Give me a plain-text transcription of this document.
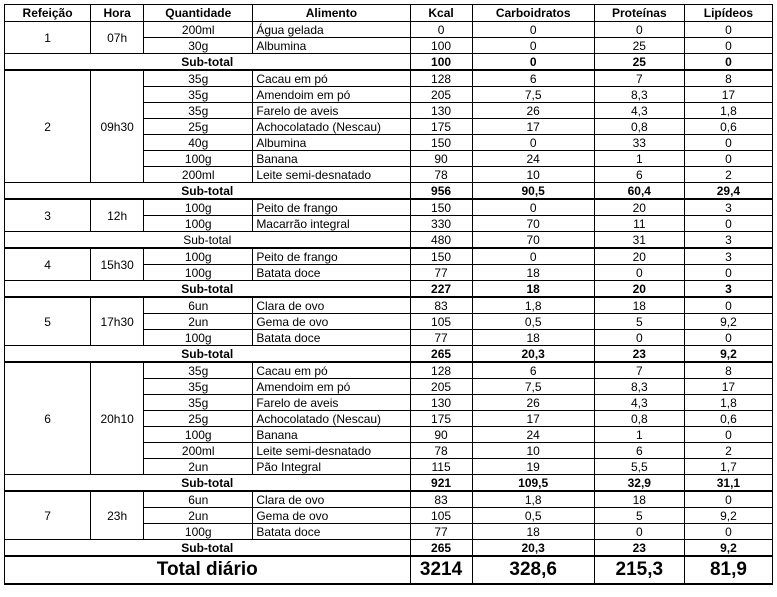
Refeição	Hora	Quantidade	Alimento	Kcal	Carboidratos	Proteínas	Lipídeos
1	07h	200ml	Água gelada	0	0	0	0
		30g	Albumina	100	0	25	0
Sub-total				100	0	25	0
2	09h30	35g	Cacau em pó	128	6	7	8
		35g	Amendoim em pó	205	7,5	8,3	17
		35g	Farelo de aveis	130	26	4,3	1,8
		25g	Achocolatado (Nescau)	175	17	0,8	0,6
		40g	Albumina	150	0	33	0
		100g	Banana	90	24	1	0
		200ml	Leite semi-desnatado	78	10	6	2
Sub-total				956	90,5	60,4	29,4
3	12h	100g	Peito de frango	150	0	20	3
		100g	Macarrão integral	330	70	11	0
Sub-total				480	70	31	3
4	15h30	100g	Peito de frango	150	0	20	3
		100g	Batata doce	77	18	0	0
Sub-total				227	18	20	3
5	17h30	6un	Clara de ovo	83	1,8	18	0
		2un	Gema de ovo	105	0,5	5	9,2
		100g	Batata doce	77	18	0	0
Sub-total				265	20,3	23	9,2
6	20h10	35g	Cacau em pó	128	6	7	8
		35g	Amendoim em pó	205	7,5	8,3	17
		35g	Farelo de aveis	130	26	4,3	1,8
		25g	Achocolatado (Nescau)	175	17	0,8	0,6
		100g	Banana	90	24	1	0
		200ml	Leite semi-desnatado	78	10	6	2
		2un	Pão Integral	115	19	5,5	1,7
Sub-total				921	109,5	32,9	31,1
7	23h	6un	Clara de ovo	83	1,8	18	0
		2un	Gema de ovo	105	0,5	5	9,2
		100g	Batata doce	77	18	0	0
Sub-total				265	20,3	23	9,2
Total diário				3214	328,6	215,3	81,9
